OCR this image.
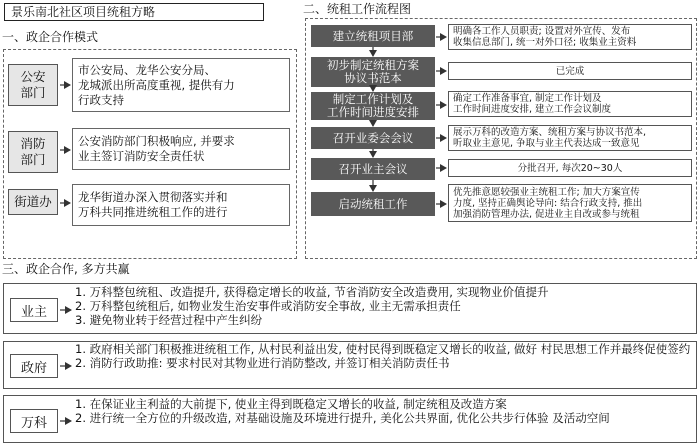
景乐南北社区项目统租方略
一、政企合作模式
公安
部门
市公安局、龙华公安分局、
龙城派出所高度重视, 提供有力
行政支持
消防
部门
公安消防部门积极响应, 并要求
业主签订消防安全责任状
街道办	龙华街道办深入贯彻落实并和
万科共同推进统租工作的进行
二、统租工作流程图
建立统租项目部
初步制定统租方案
协议书范本
制定工作计划及
工作时间进度安排
召开业委会会议
召开业主会议
启动统租工作
明确各工作人员职责; 设置对外宣传、发布
收集信息部门, 统一对外口径; 收集业主资料
已完成
确定工作准备事宜, 制定工作计划及
工作时间进度安排, 建立工作会议制度
展示万科的改造方案、统租方案与协议书范本,
听取业主意见, 争取与业主代表达成一致意见
分批召开, 每次20~30人
优先推意愿较强业主统租工作; 加大方案宣传
力度, 坚持正确舆论导向: 结合行政支持, 推出
加强消防管理办法, 促进业主自改或参与统租
三、政企合作, 多方共赢
业主
1. 万科整包统租、改造提升, 获得稳定增长的收益, 节省消防安全改造费用, 实现物业价值提升
2. 万科整包统租后, 如物业发生治安事件或消防安全事故, 业主无需承担责任
3. 避免物业转于经营过程中产生纠纷
政府
1. 政府相关部门积极推进统租工作, 从村民利益出发, 使村民得到既稳定又增长的收益, 做好 村民思想工作并最终促使签约
2. 消防行政助推: 要求村民对其物业进行消防整改, 并签订相关消防责任书
万科
1. 在保证业主利益的大前提下, 使业主得到既稳定又增长的收益, 制定统租及改造方案
2. 进行统一全方位的升级改造, 对基础设施及环境进行提升, 美化公共界面, 优化公共步行体验 及活动空间
